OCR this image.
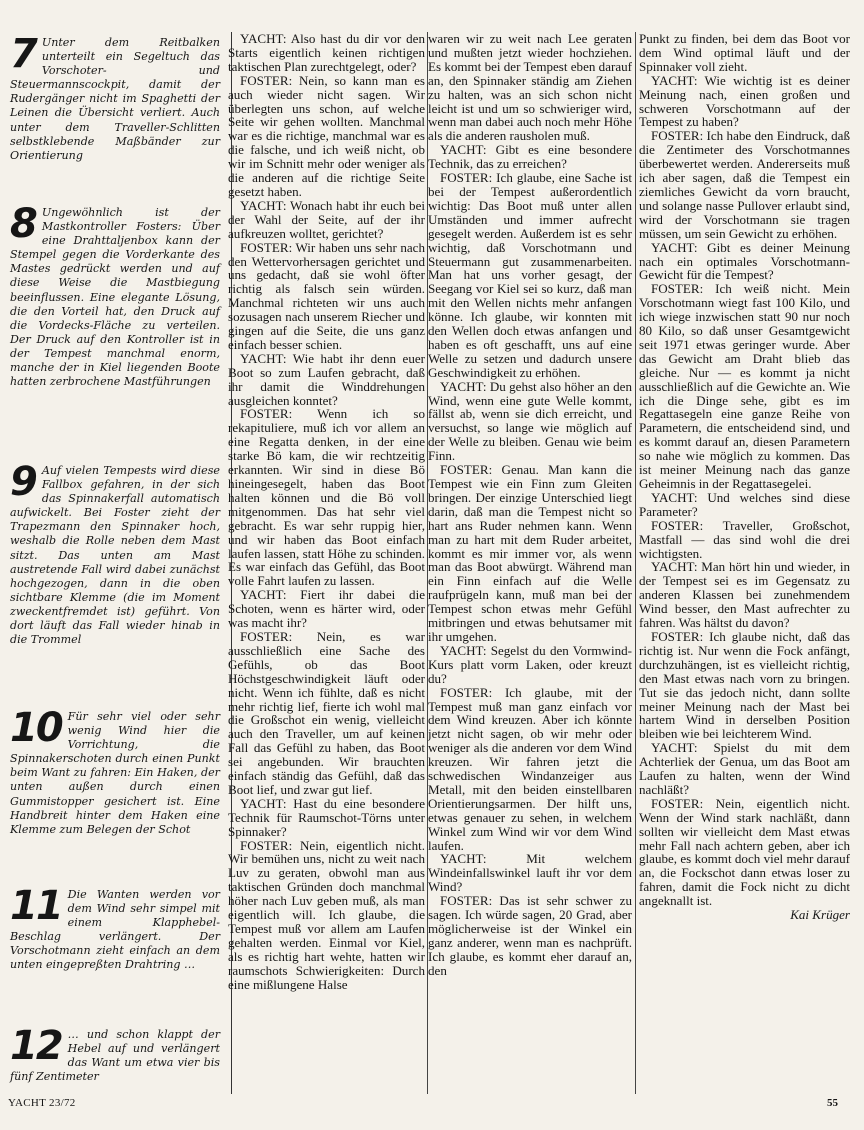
7 Unter dem Reitbalken unterteilt ein Segeltuch das Vorschoter- und Steuermannscockpit, damit der Rudergänger nicht im Spaghetti der Leinen die Übersicht verliert. Auch unter dem Traveller-Schlitten selbstklebende Maßbänder zur Orientierung
8 Ungewöhnlich ist der Mastkontroller Fosters: Über eine Drahttaljenbox kann der Stempel gegen die Vorderkante des Mastes gedrückt werden und auf diese Weise die Mastbiegung beeinflussen. Eine elegante Lösung, die den Vorteil hat, den Druck auf die Vordecks-Fläche zu verteilen. Der Druck auf den Kontroller ist in der Tempest manchmal enorm, manche der in Kiel liegenden Boote hatten zerbrochene Mastführungen
9 Auf vielen Tempests wird diese Fallbox gefahren, in der sich das Spinnakerfall automatisch aufwickelt. Bei Foster zieht der Trapezmann den Spinnaker hoch, weshalb die Rolle neben dem Mast sitzt. Das unten am Mast austretende Fall wird dabei zunächst hochgezogen, dann in die oben sichtbare Klemme (die im Moment zweckentfremdet ist) geführt. Von dort läuft das Fall wieder hinab in die Trommel
10 Für sehr viel oder sehr wenig Wind hier die Vorrichtung, die Spinnakerschoten durch einen Punkt beim Want zu fahren: Ein Haken, der unten außen durch einen Gummistopper gesichert ist. Eine Handbreit hinter dem Haken eine Klemme zum Belegen der Schot
11 Die Wanten werden vor dem Wind sehr simpel mit einem Klapphebel-Beschlag verlängert. Der Vorschotmann zieht einfach an dem unten eingepreßten Drahtring …
12 … und schon klappt der Hebel auf und verlängert das Want um etwa vier bis fünf Zentimeter

YACHT: Also hast du dir vor den Starts eigentlich keinen richtigen taktischen Plan zurechtgelegt, oder?

FOSTER: Nein, so kann man es auch wieder nicht sagen. Wir überlegten uns schon, auf welche Seite wir gehen wollten. Manchmal war es die richtige, manchmal war es die falsche, und ich weiß nicht, ob wir im Schnitt mehr oder weniger als die anderen auf die richtige Seite gesetzt haben.

YACHT: Wonach habt ihr euch bei der Wahl der Seite, auf der ihr aufkreuzen wolltet, gerichtet?

FOSTER: Wir haben uns sehr nach den Wettervorhersagen gerichtet und uns gedacht, daß sie wohl öfter richtig als falsch sein würden. Manchmal richteten wir uns auch sozusagen nach unserem Riecher und gingen auf die Seite, die uns ganz einfach besser schien.

YACHT: Wie habt ihr denn euer Boot so zum Laufen gebracht, daß ihr damit die Winddrehungen ausgleichen konntet?

FOSTER: Wenn ich so rekapituliere, muß ich vor allem an eine Regatta denken, in der eine starke Bö kam, die wir rechtzeitig erkannten. Wir sind in diese Bö hineingesegelt, haben das Boot halten können und die Bö voll mitgenommen. Das hat sehr viel gebracht. Es war sehr ruppig hier, und wir haben das Boot einfach laufen lassen, statt Höhe zu schinden. Es war einfach das Gefühl, das Boot volle Fahrt laufen zu lassen.

YACHT: Fiert ihr dabei die Schoten, wenn es härter wird, oder was macht ihr?

FOSTER: Nein, es war ausschließlich eine Sache des Gefühls, ob das Boot Höchstgeschwindigkeit läuft oder nicht. Wenn ich fühlte, daß es nicht mehr richtig lief, fierte ich wohl mal die Großschot ein wenig, vielleicht auch den Traveller, um auf keinen Fall das Gefühl zu haben, das Boot sei angebunden. Wir brauchten einfach ständig das Gefühl, daß das Boot lief, und zwar gut lief.

YACHT: Hast du eine besondere Technik für Raumschot-Törns unter Spinnaker?

FOSTER: Nein, eigentlich nicht. Wir bemühen uns, nicht zu weit nach Luv zu geraten, obwohl man aus taktischen Gründen doch manchmal höher nach Luv geben muß, als man eigentlich will. Ich glaube, die Tempest muß vor allem am Laufen gehalten werden. Einmal vor Kiel, als es richtig hart wehte, hatten wir raumschots Schwierigkeiten: Durch eine mißlungene Halse

waren wir zu weit nach Lee geraten und mußten jetzt wieder hochziehen. Es kommt bei der Tempest eben darauf an, den Spinnaker ständig am Ziehen zu halten, was an sich schon nicht leicht ist und um so schwieriger wird, wenn man dabei auch noch mehr Höhe als die anderen rausholen muß.

YACHT: Gibt es eine besondere Technik, das zu erreichen?

FOSTER: Ich glaube, eine Sache ist bei der Tempest außerordentlich wichtig: Das Boot muß unter allen Umständen und immer aufrecht gesegelt werden. Außerdem ist es sehr wichtig, daß Vorschotmann und Steuermann gut zusammenarbeiten. Man hat uns vorher gesagt, der Seegang vor Kiel sei so kurz, daß man mit den Wellen nichts mehr anfangen könne. Ich glaube, wir konnten mit den Wellen doch etwas anfangen und haben es oft geschafft, uns auf eine Welle zu setzen und dadurch unsere Geschwindigkeit zu erhöhen.

YACHT: Du gehst also höher an den Wind, wenn eine gute Welle kommt, fällst ab, wenn sie dich erreicht, und versuchst, so lange wie möglich auf der Welle zu bleiben. Genau wie beim Finn.

FOSTER: Genau. Man kann die Tempest wie ein Finn zum Gleiten bringen. Der einzige Unterschied liegt darin, daß man die Tempest nicht so hart ans Ruder nehmen kann. Wenn man zu hart mit dem Ruder arbeitet, kommt es mir immer vor, als wenn man das Boot abwürgt. Während man ein Finn einfach auf die Welle raufprügeln kann, muß man bei der Tempest schon etwas mehr Gefühl mitbringen und etwas behutsamer mit ihr umgehen.

YACHT: Segelst du den Vormwind-Kurs platt vorm Laken, oder kreuzt du?

FOSTER: Ich glaube, mit der Tempest muß man ganz einfach vor dem Wind kreuzen. Aber ich könnte jetzt nicht sagen, ob wir mehr oder weniger als die anderen vor dem Wind kreuzen. Wir fahren jetzt die schwedischen Windanzeiger aus Metall, mit den beiden einstellbaren Orientierungsarmen. Der hilft uns, etwas genauer zu sehen, in welchem Winkel zum Wind wir vor dem Wind laufen.

YACHT: Mit welchem Windeinfallswinkel lauft ihr vor dem Wind?

FOSTER: Das ist sehr schwer zu sagen. Ich würde sagen, 20 Grad, aber möglicherweise ist der Winkel ein ganz anderer, wenn man es nachprüft. Ich glaube, es kommt eher darauf an, den

Punkt zu finden, bei dem das Boot vor dem Wind optimal läuft und der Spinnaker voll zieht.

YACHT: Wie wichtig ist es deiner Meinung nach, einen großen und schweren Vorschotmann auf der Tempest zu haben?

FOSTER: Ich habe den Eindruck, daß die Zentimeter des Vorschotmannes überbewertet werden. Andererseits muß ich aber sagen, daß die Tempest ein ziemliches Gewicht da vorn braucht, und solange nasse Pullover erlaubt sind, wird der Vorschotmann sie tragen müssen, um sein Gewicht zu erhöhen.

YACHT: Gibt es deiner Meinung nach ein optimales Vorschotmann-Gewicht für die Tempest?

FOSTER: Ich weiß nicht. Mein Vorschotmann wiegt fast 100 Kilo, und ich wiege inzwischen statt 90 nur noch 80 Kilo, so daß unser Gesamtgewicht seit 1971 etwas geringer wurde. Aber das Gewicht am Draht blieb das gleiche. Nur — es kommt ja nicht ausschließlich auf die Gewichte an. Wie ich die Dinge sehe, gibt es im Regattasegeln eine ganze Reihe von Parametern, die entscheidend sind, und es kommt darauf an, diesen Parametern so nahe wie möglich zu kommen. Das ist meiner Meinung nach das ganze Geheimnis in der Regattasegelei.

YACHT: Und welches sind diese Parameter?

FOSTER: Traveller, Großschot, Mastfall — das sind wohl die drei wichtigsten.

YACHT: Man hört hin und wieder, in der Tempest sei es im Gegensatz zu anderen Klassen bei zunehmendem Wind besser, den Mast aufrechter zu fahren. Was hältst du davon?

FOSTER: Ich glaube nicht, daß das richtig ist. Nur wenn die Fock anfängt, durchzuhängen, ist es vielleicht richtig, den Mast etwas nach vorn zu bringen. Tut sie das jedoch nicht, dann sollte meiner Meinung nach der Mast bei hartem Wind in derselben Position bleiben wie bei leichterem Wind.

YACHT: Spielst du mit dem Achterliek der Genua, um das Boot am Laufen zu halten, wenn der Wind nachläßt?

FOSTER: Nein, eigentlich nicht. Wenn der Wind stark nachläßt, dann sollten wir vielleicht dem Mast etwas mehr Fall nach achtern geben, aber ich glaube, es kommt doch viel mehr darauf an, die Fockschot dann etwas loser zu fahren, damit die Fock nicht zu dicht angeknallt ist.

Kai Krüger
YACHT 23/72	55
